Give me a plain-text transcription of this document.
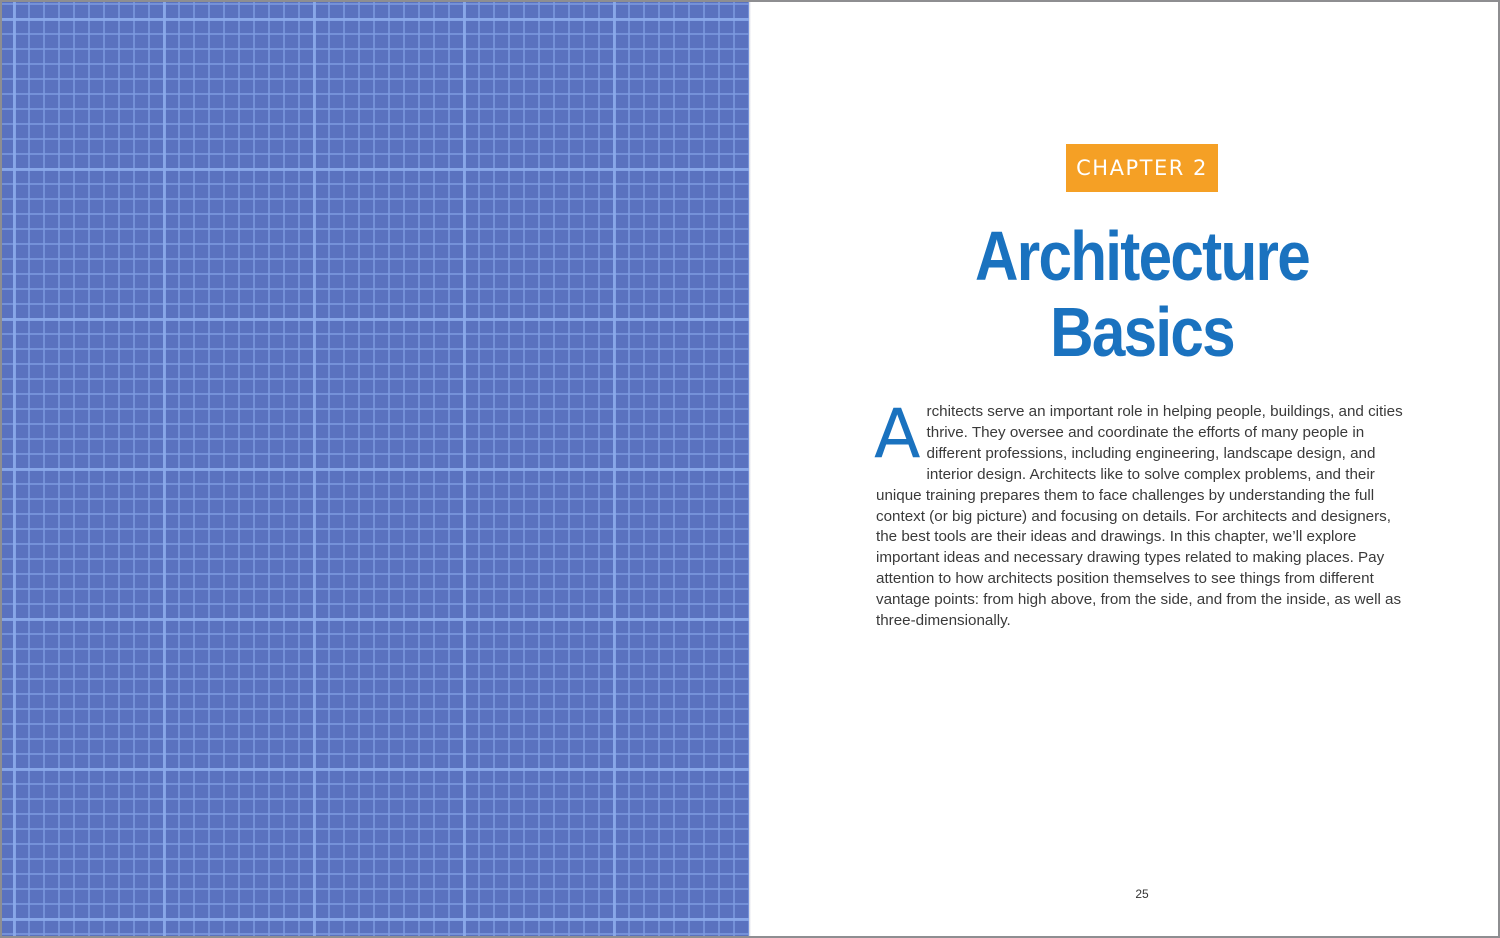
CHAPTER 2
Architecture
Basics

Architects serve an important role in helping people, buildings, and cities thrive. They oversee and coordinate the efforts of many people in different professions, including engineering, landscape design, and interior design. Architects like to solve complex problems, and their unique training prepares them to face challenges by understanding the full context (or big picture) and focusing on details. For architects and designers, the best tools are their ideas and drawings. In this chapter, we’ll explore important ideas and necessary drawing types related to making places. Pay attention to how architects position themselves to see things from different vantage points: from high above, from the side, and from the inside, as well as three-dimensionally.

25
